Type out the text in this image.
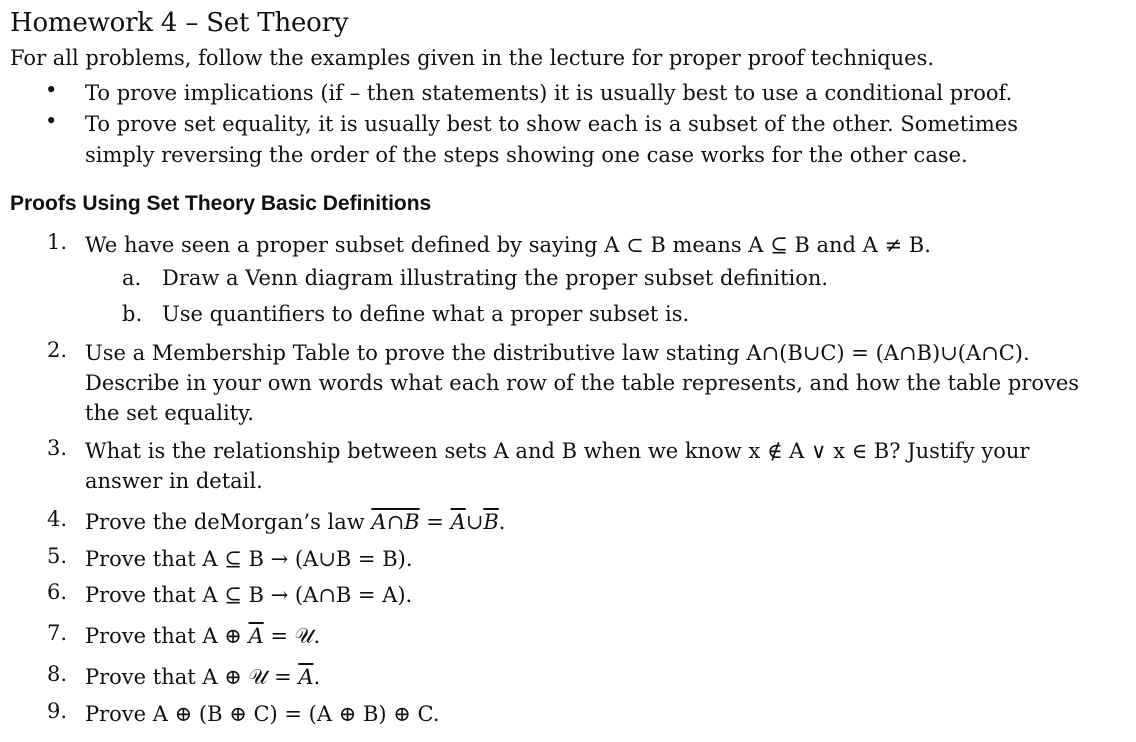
Homework 4 – Set Theory
For all problems, follow the examples given in the lecture for proper proof techniques.
• To prove implications (if – then statements) it is usually best to use a conditional proof.
• To prove set equality, it is usually best to show each is a subset of the other. Sometimes simply reversing the order of the steps showing one case works for the other case.
Proofs Using Set Theory Basic Definitions
1. We have seen a proper subset defined by saying A ⊂ B means A ⊆ B and A ≠ B.
a. Draw a Venn diagram illustrating the proper subset definition.
b. Use quantifiers to define what a proper subset is.
2. Use a Membership Table to prove the distributive law stating A∩(B∪C) = (A∩B)∪(A∩C). Describe in your own words what each row of the table represents, and how the table proves the set equality.
3. What is the relationship between sets A and B when we know x ∉ A ∨ x ∈ B? Justify your answer in detail.
4. Prove the deMorgan’s law A∩B = $\overline{A}\cup\overline{B}$.
5. Prove that A ⊆ B → (A∪B = B).
6. Prove that A ⊆ B → (A∩B = A).
7. Prove that A ⊕ $\overline{A}$ = 𝒰.
8. Prove that A ⊕ 𝒰 = $\overline{A}$.
9. Prove A ⊕ (B ⊕ C) = (A ⊕ B) ⊕ C.
